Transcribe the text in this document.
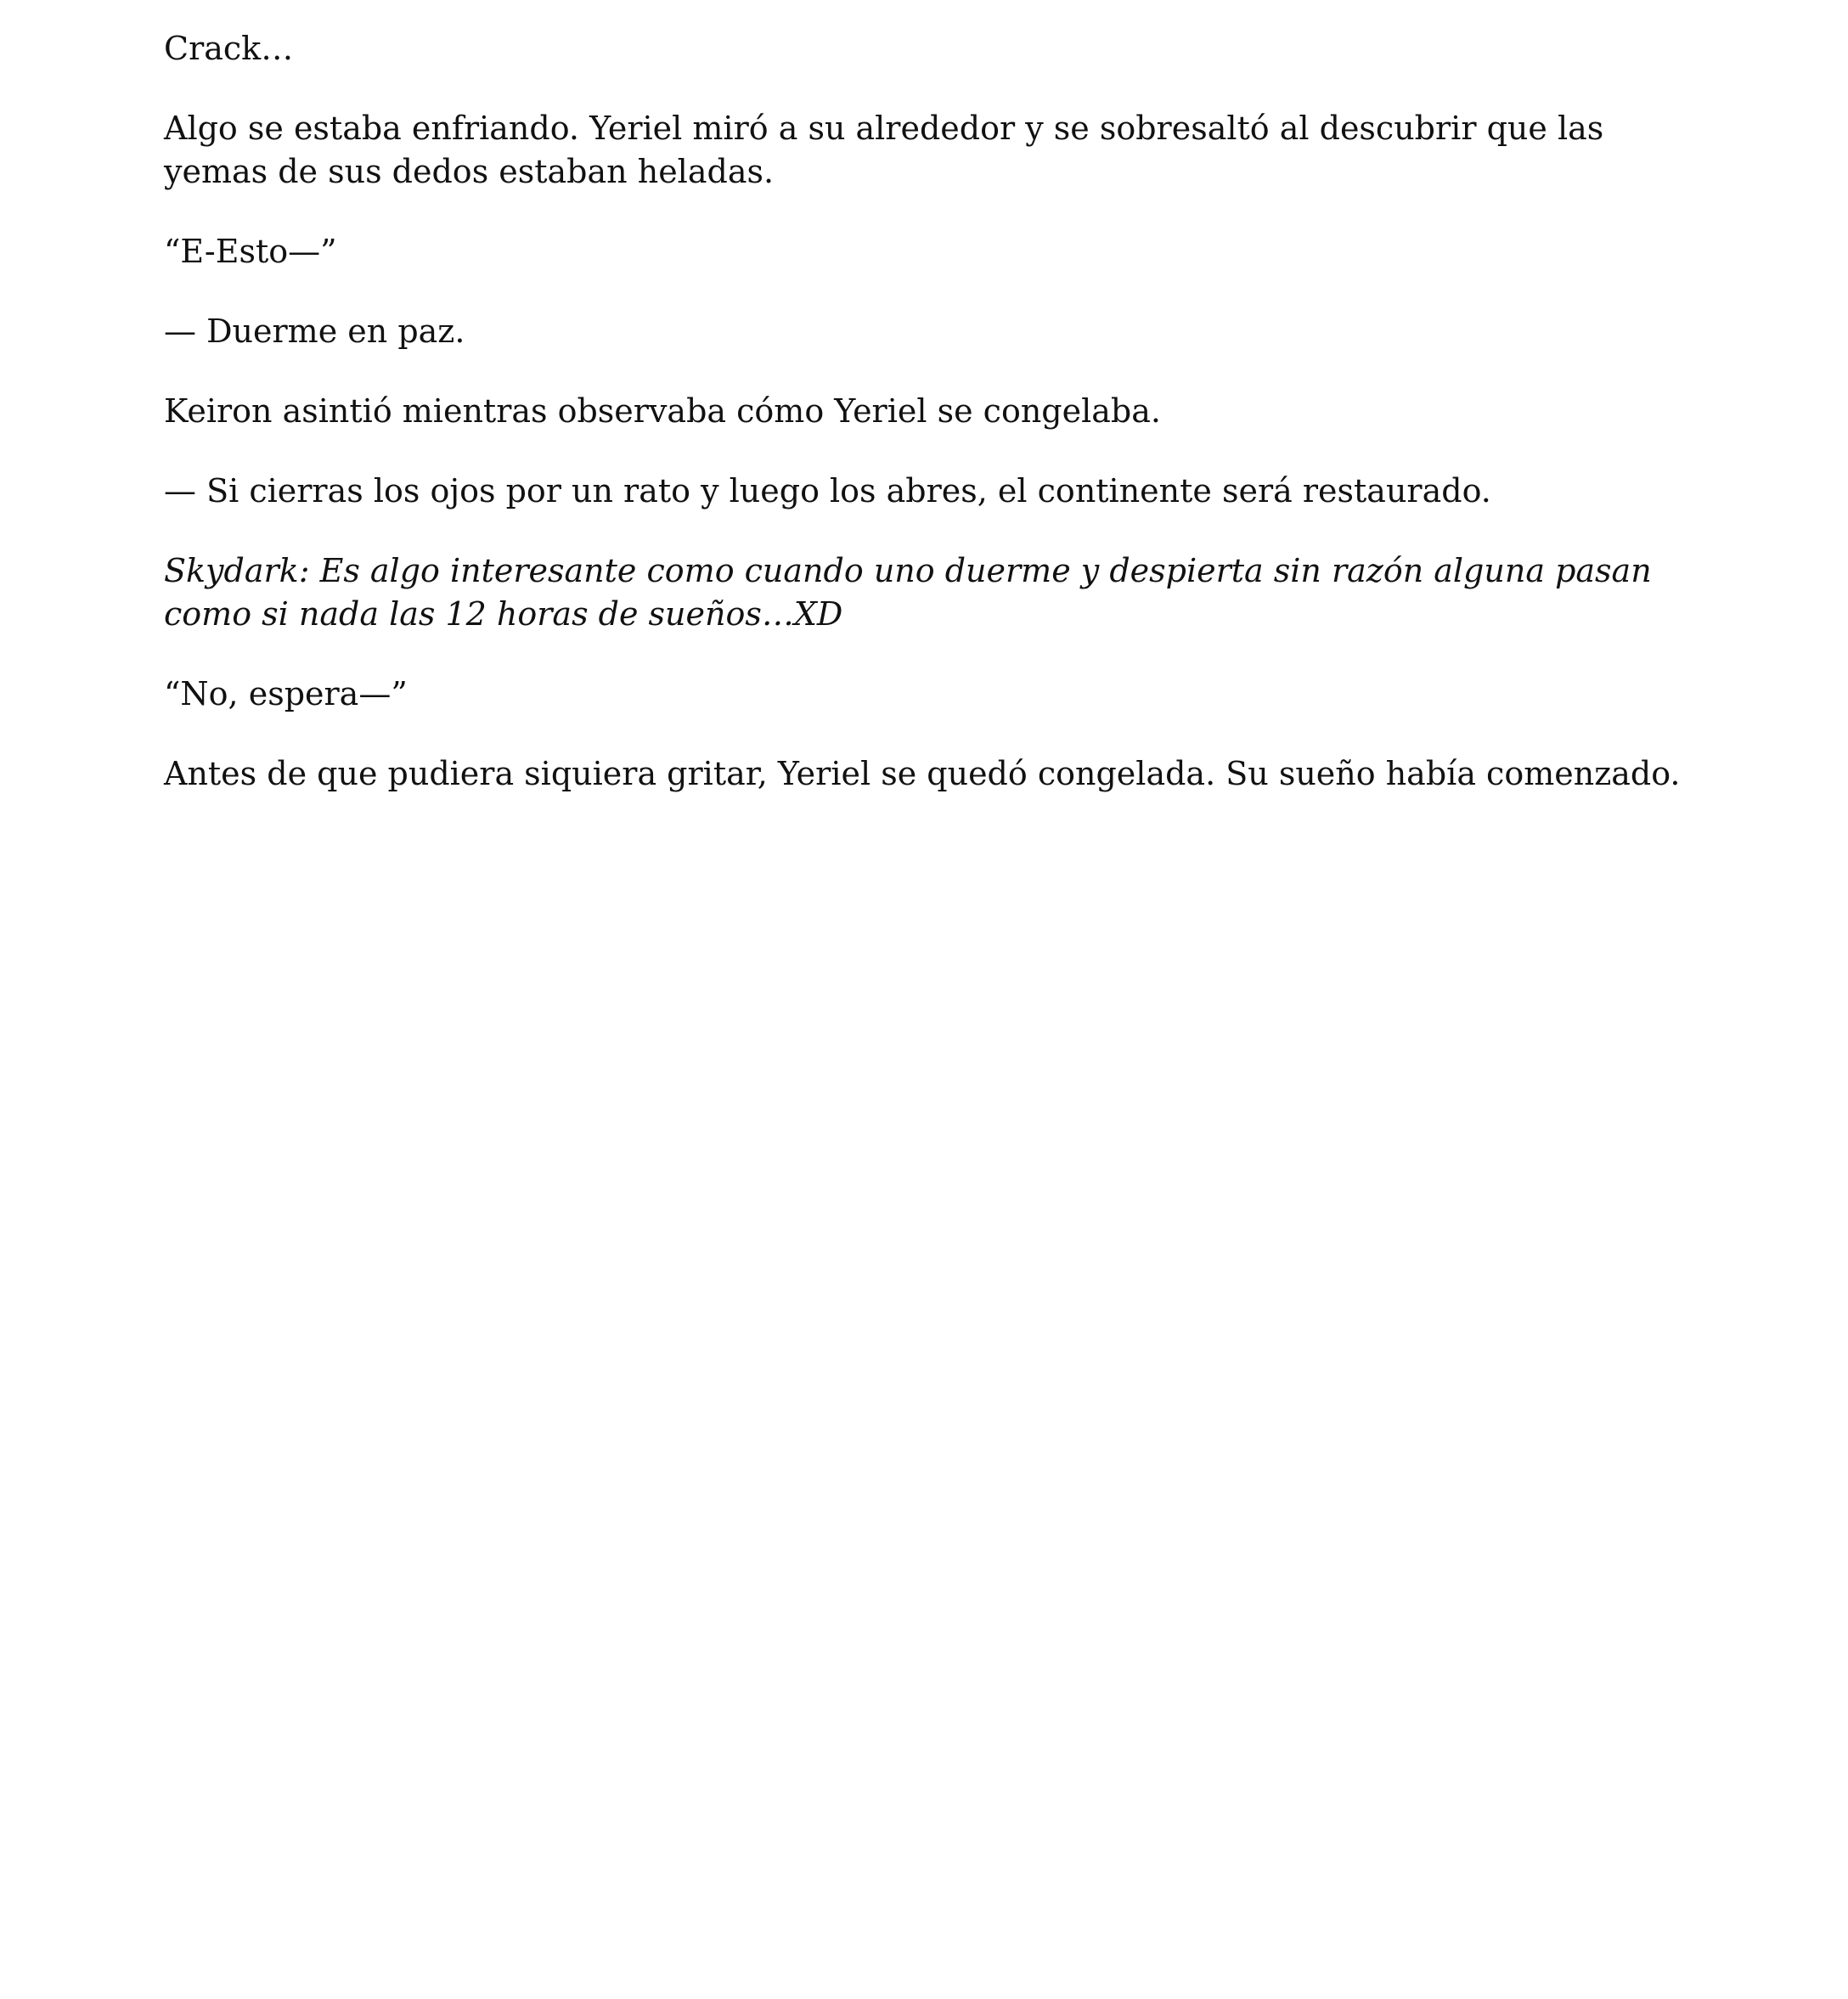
Crack…

Algo se estaba enfriando. Yeriel miró a su alrededor y se sobresaltó al descubrir que las yemas de sus dedos estaban heladas.

“E-Esto—”

— Duerme en paz.

Keiron asintió mientras observaba cómo Yeriel se congelaba.

— Si cierras los ojos por un rato y luego los abres, el continente será restaurado.

Skydark: Es algo interesante como cuando uno duerme y despierta sin razón alguna pasan como si nada las 12 horas de sueños…XD

“No, espera—”

Antes de que pudiera siquiera gritar, Yeriel se quedó congelada. Su sueño había comenzado.
